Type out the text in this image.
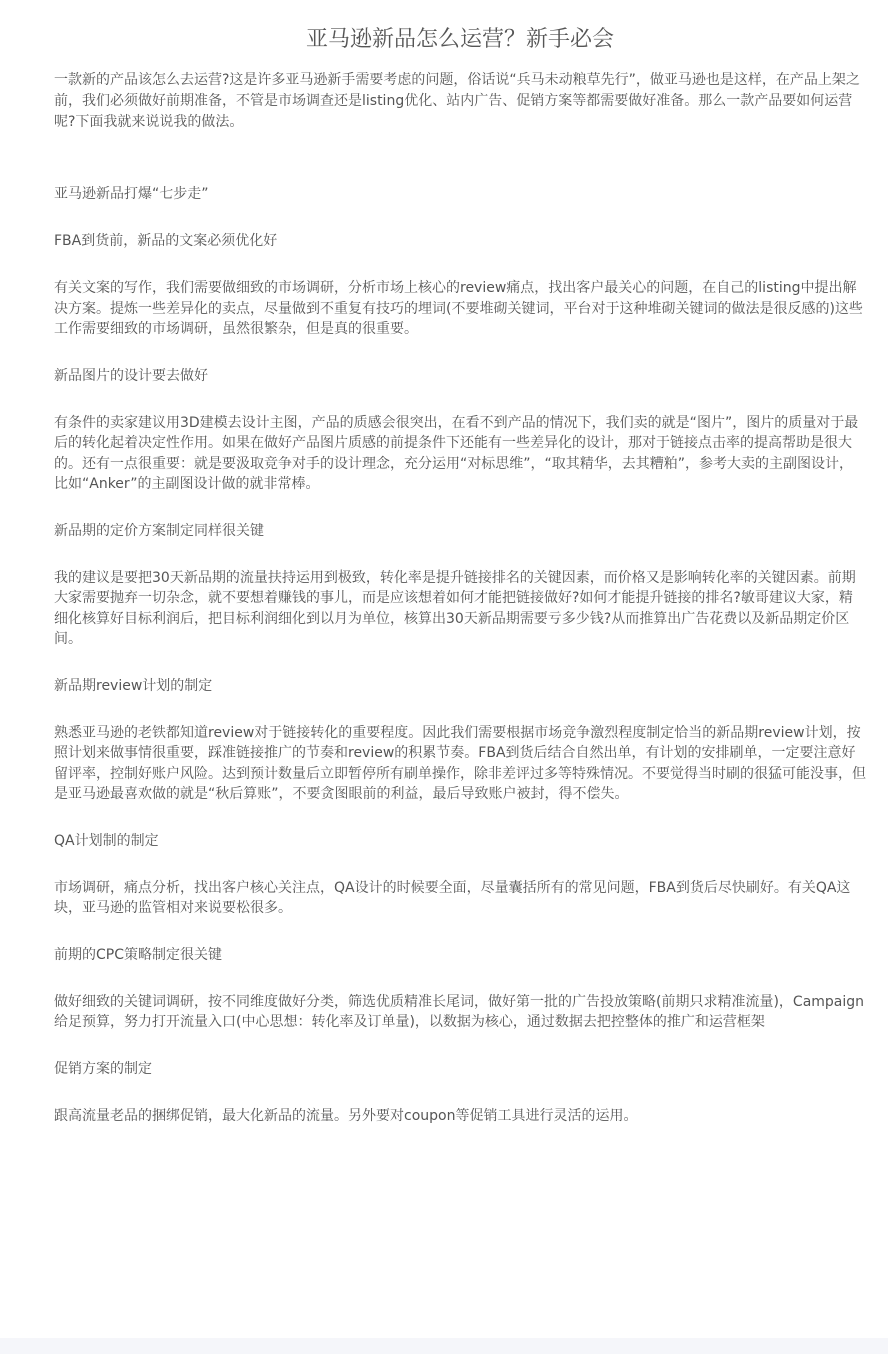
亚马逊新品怎么运营？新手必会

一款新的产品该怎么去运营?这是许多亚马逊新手需要考虑的问题，俗话说“兵马未动粮草先行”，做亚马逊也是这样，在产品上架之前，我们必须做好前期准备，不管是市场调查还是listing优化、站内广告、促销方案等都需要做好准备。那么一款产品要如何运营呢?下面我就来说说我的做法。

亚马逊新品打爆“七步走”

FBA到货前，新品的文案必须优化好

有关文案的写作，我们需要做细致的市场调研，分析市场上核心的review痛点，找出客户最关心的问题，在自己的listing中提出解决方案。提炼一些差异化的卖点，尽量做到不重复有技巧的埋词(不要堆砌关键词，平台对于这种堆砌关键词的做法是很反感的)这些工作需要细致的市场调研，虽然很繁杂，但是真的很重要。

新品图片的设计要去做好

有条件的卖家建议用3D建模去设计主图，产品的质感会很突出，在看不到产品的情况下，我们卖的就是“图片”，图片的质量对于最后的转化起着决定性作用。如果在做好产品图片质感的前提条件下还能有一些差异化的设计，那对于链接点击率的提高帮助是很大的。还有一点很重要：就是要汲取竞争对手的设计理念，充分运用“对标思维”，“取其精华，去其糟粕”，参考大卖的主副图设计，比如“Anker”的主副图设计做的就非常棒。

新品期的定价方案制定同样很关键

我的建议是要把30天新品期的流量扶持运用到极致，转化率是提升链接排名的关键因素，而价格又是影响转化率的关键因素。前期大家需要抛弃一切杂念，就不要想着赚钱的事儿，而是应该想着如何才能把链接做好?如何才能提升链接的排名?敏哥建议大家，精细化核算好目标利润后，把目标利润细化到以月为单位，核算出30天新品期需要亏多少钱?从而推算出广告花费以及新品期定价区间。

新品期review计划的制定

熟悉亚马逊的老铁都知道review对于链接转化的重要程度。因此我们需要根据市场竞争激烈程度制定恰当的新品期review计划，按照计划来做事情很重要，踩准链接推广的节奏和review的积累节奏。FBA到货后结合自然出单，有计划的安排刷单，一定要注意好留评率，控制好账户风险。达到预计数量后立即暂停所有刷单操作，除非差评过多等特殊情况。不要觉得当时刷的很猛可能没事，但是亚马逊最喜欢做的就是“秋后算账”，不要贪图眼前的利益，最后导致账户被封，得不偿失。

QA计划制的制定

市场调研，痛点分析，找出客户核心关注点，QA设计的时候要全面，尽量囊括所有的常见问题，FBA到货后尽快刷好。有关QA这块，亚马逊的监管相对来说要松很多。

前期的CPC策略制定很关键

做好细致的关键词调研，按不同维度做好分类，筛选优质精准长尾词，做好第一批的广告投放策略(前期只求精准流量)，Campaign给足预算，努力打开流量入口(中心思想：转化率及订单量)，以数据为核心，通过数据去把控整体的推广和运营框架

促销方案的制定

跟高流量老品的捆绑促销，最大化新品的流量。另外要对coupon等促销工具进行灵活的运用。
